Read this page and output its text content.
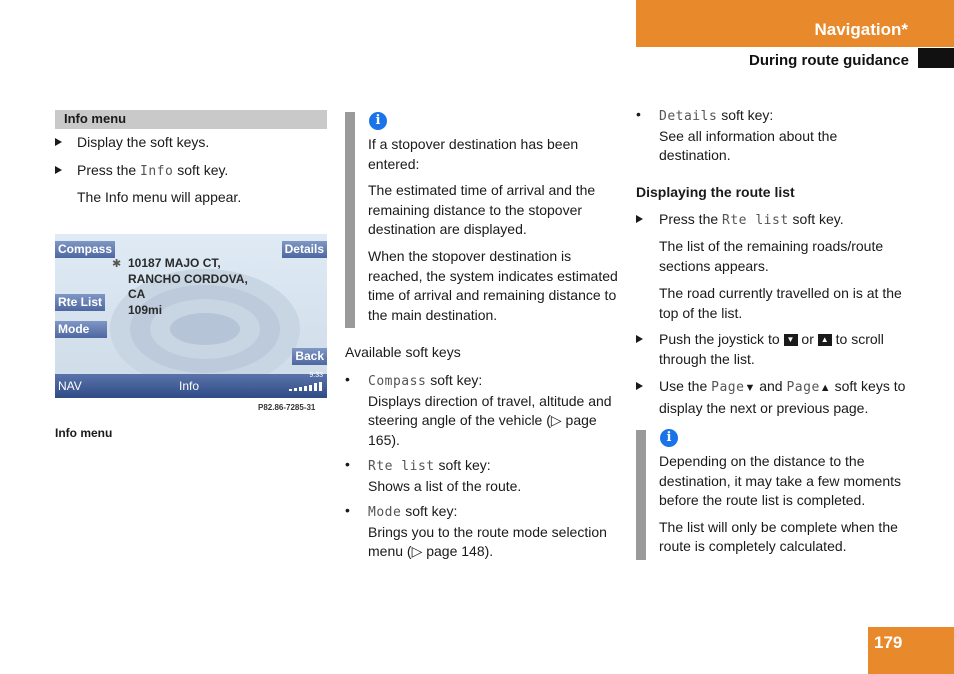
Navigation*
During route guidance
Info menu

Display the soft keys.

Press the Info soft key.

The Info menu will appear.

Compass	Details
Rte List
Mode
Back
✱ 10187 MAJO CT,
RANCHO CORDOVA,
CA
109mi
NAV	Info
9:33
P82.86-7285-31
Info menu
i

If a stopover destination has been entered:

The estimated time of arrival and the remaining distance to the stopover destination are displayed.

When the stopover destination is reached, the system indicates estimated time of arrival and remaining distance to the main destination.

Available soft keys

•	Compass soft key:
Displays direction of travel, altitude and steering angle of the vehicle (▷ page 165).

•	Rte list soft key:
Shows a list of the route.

•	Mode soft key:
Brings you to the route mode selection menu (▷ page 148).

•	Details soft key:
See all information about the destination.

Displaying the route list

Press the Rte list soft key.

The list of the remaining roads/route sections appears.

The road currently travelled on is at the top of the list.

Push the joystick to ▼ or ▲ to scroll through the list.

Use the Page▼ and Page▲ soft keys to display the next or previous page.

i

Depending on the distance to the destination, it may take a few moments before the route list is completed.

The list will only be complete when the route is completely calculated.

179
